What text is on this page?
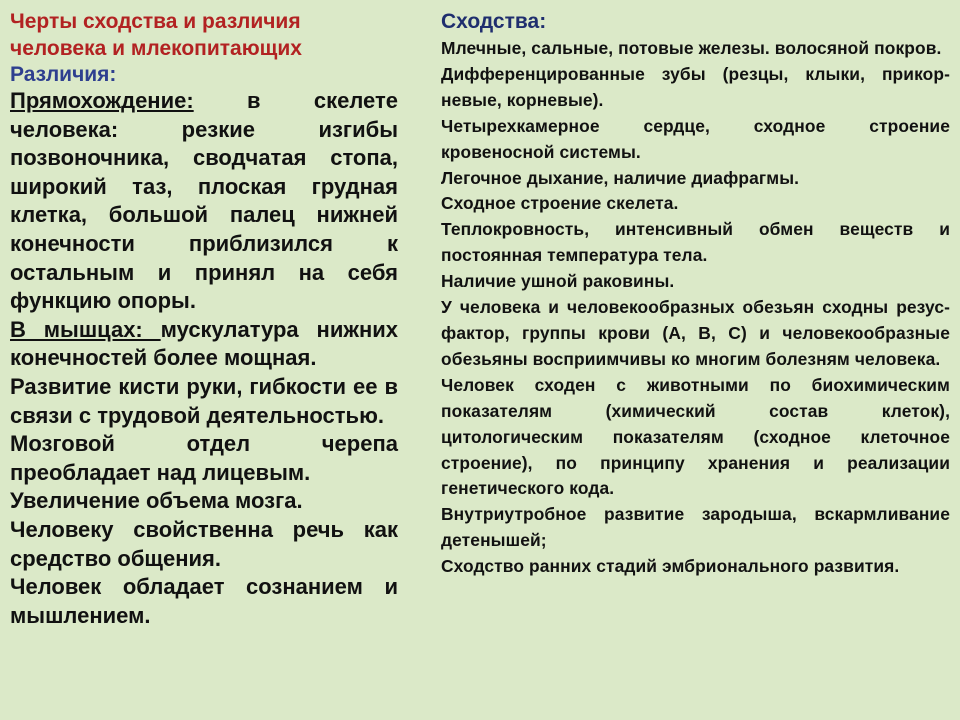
Черты сходства и различия человека и млекопитающих

Различия:

Прямохождение: в скелете человека: резкие изгибы позвоночника, сводчатая стопа, широкий таз, плоская грудная клетка, большой палец нижней конечности приблизился к остальным и принял на себя функцию опоры.

В мышцах: мускулатура нижних конечностей более мощная.

Развитие кисти руки, гибкости ее в связи с трудовой деятельностью.

Мозговой отдел черепа преобладает над лицевым.

Увеличение объема мозга.

Человеку свойственна речь как средство общения.

Человек обладает сознанием и мышлением.

Сходства:

Млечные, сальные, потовые железы. волосяной покров.

Дифференцированные зубы (резцы, клыки, прикор-невые, корневые).

Четырехкамерное сердце, сходное строение кровеносной системы.

Легочное дыхание, наличие диафрагмы.

Сходное строение скелета.

Теплокровность, интенсивный обмен веществ и постоянная температура тела.

Наличие ушной раковины.

У человека и человекообразных обезьян сходны резус-фактор, группы крови (А, В, С) и человекообразные обезьяны восприимчивы ко многим болезням человека.

Человек сходен с животными по биохимическим показателям (химический состав клеток), цитологическим показателям (сходное клеточное строение), по принципу хранения и реализации генетического кода.

Внутриутробное развитие зародыша, вскармливание детенышей;

Сходство ранних стадий эмбрионального развития.
